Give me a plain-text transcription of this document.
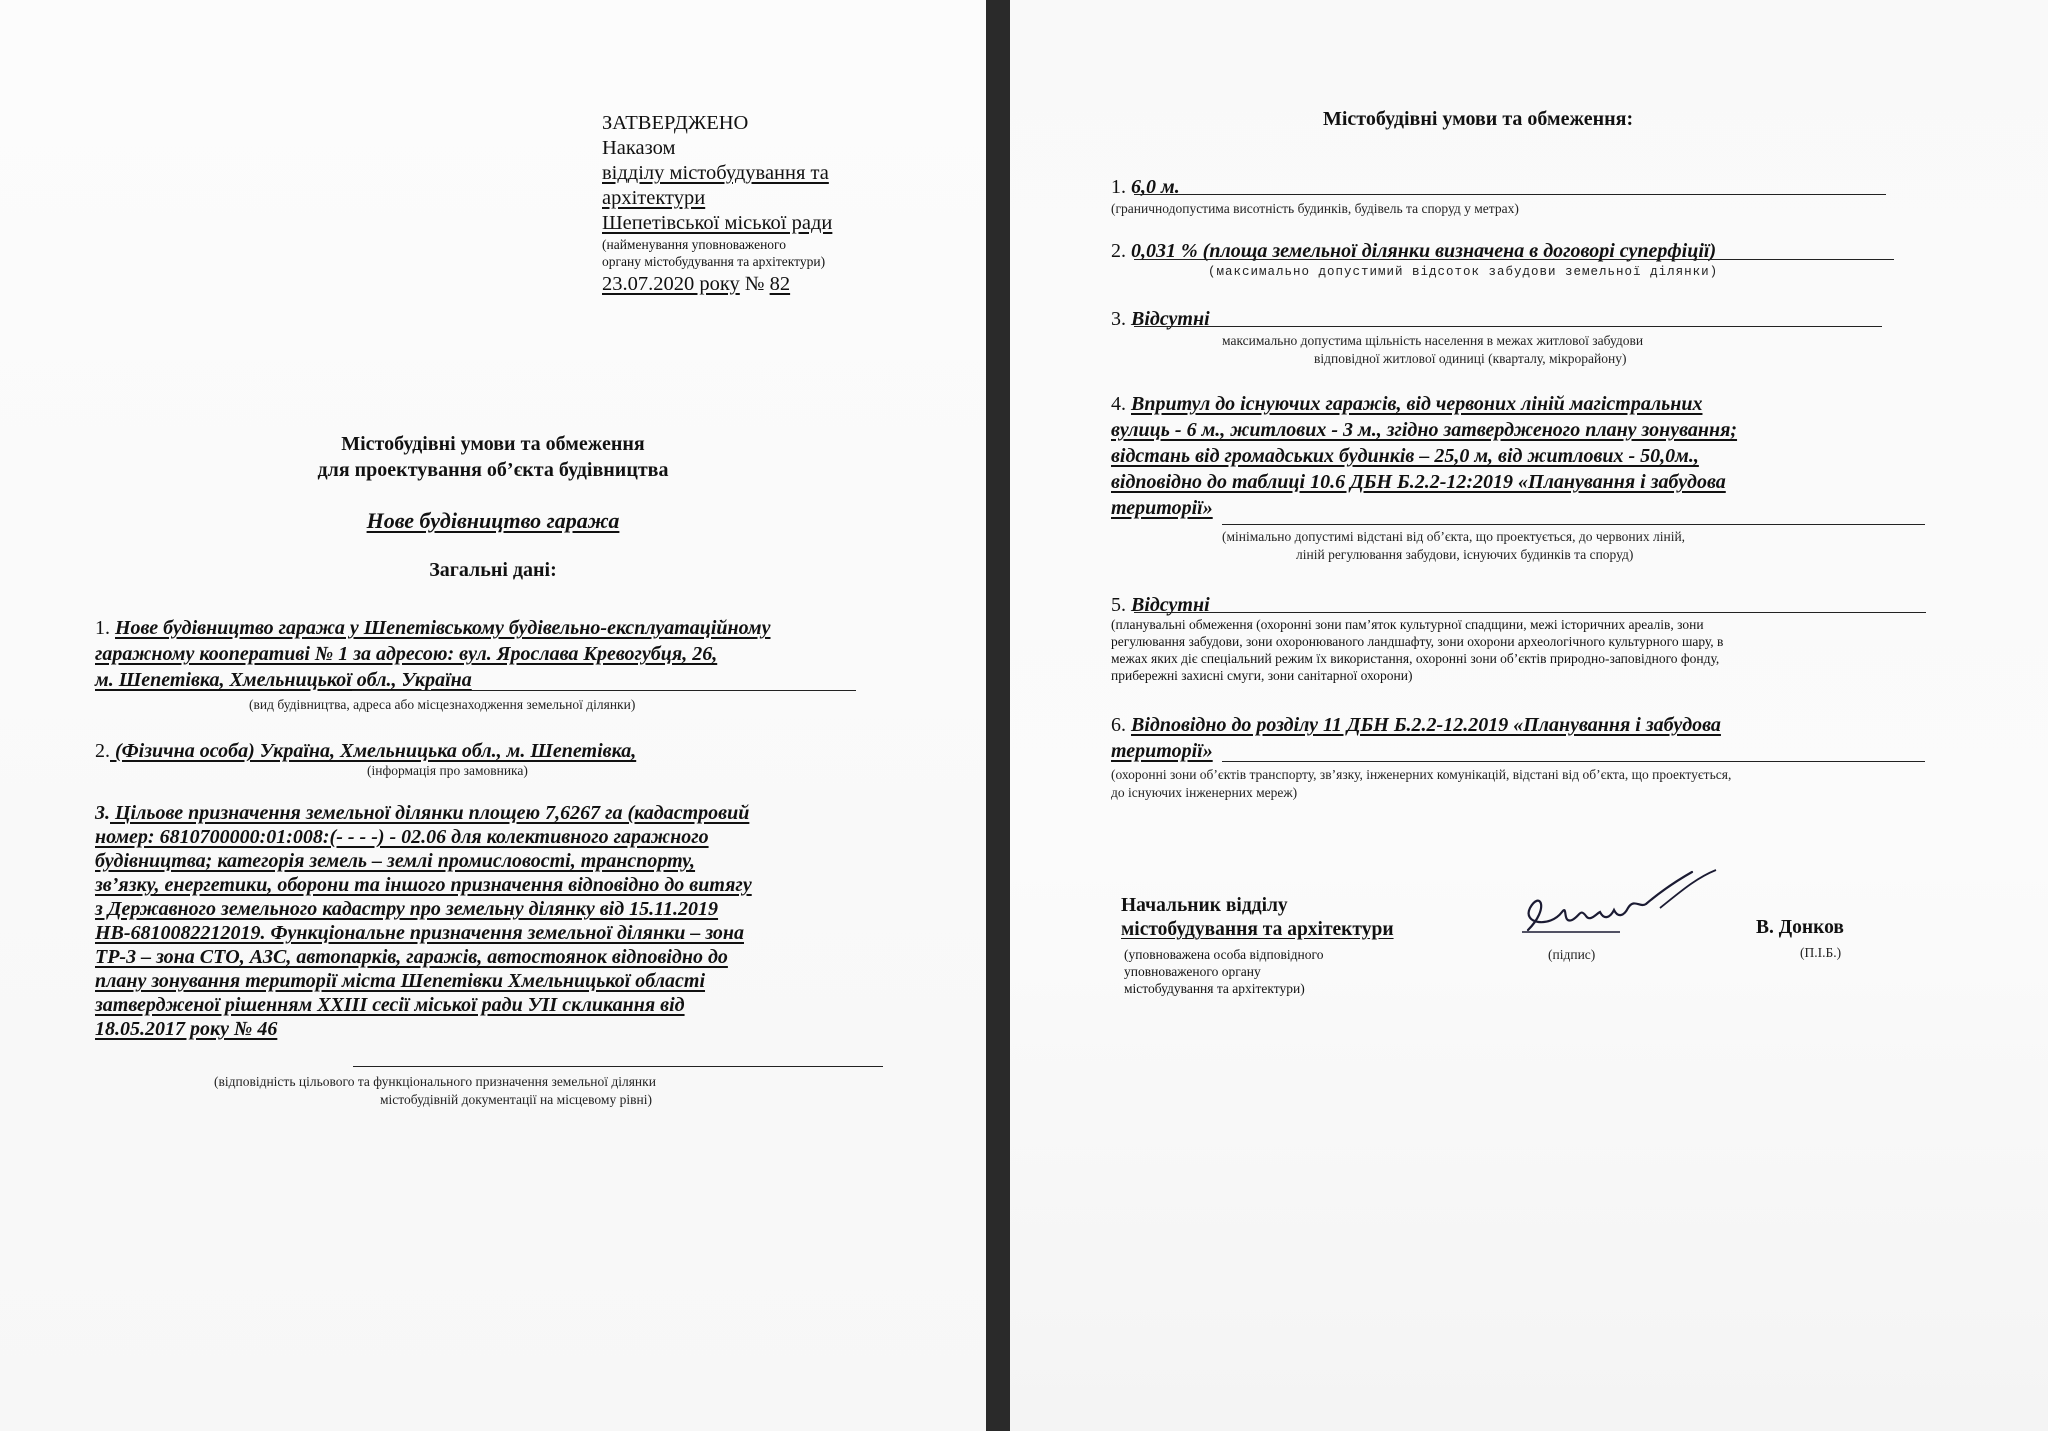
ЗАТВЕРДЖЕНО
Наказом
відділу містобудування та
архітектури
Шепетівської міської ради
(найменування уповноваженого
органу містобудування та архітектури)
23.07.2020 року № 82
Містобудівні умови та обмеження
для проектування об’єкта будівництва
Нове будівництво гаража
Загальні дані:
1. Нове будівництво гаража у Шепетівському будівельно-експлуатаційному
гаражному кооперативі № 1 за адресою: вул. Ярослава Кревогубця, 26,
м. Шепетівка, Хмельницької обл., Україна
(вид будівництва, адреса або місцезнаходження земельної ділянки)
2. (Фізична особа) Україна, Хмельницька обл., м. Шепетівка,
(інформація про замовника)
3. Цільове призначення земельної ділянки площею 7,6267 га (кадастровий
номер: 6810700000:01:008:(- - - -) - 02.06 для колективного гаражного
будівництва; категорія земель – землі промисловості, транспорту,
зв’язку, енергетики, оборони та іншого призначення відповідно до витягу
з Державного земельного кадастру про земельну ділянку від 15.11.2019
НВ-6810082212019. Функціональне призначення земельної ділянки – зона
ТР-3 – зона СТО, АЗС, автопарків, гаражів, автостоянок відповідно до
плану зонування території міста Шепетівки Хмельницької області
затвердженої рішенням ХХIII сесії міської ради УII скликання від
18.05.2017 року № 46
(відповідність цільового та функціонального призначення земельної ділянки
містобудівній документації на місцевому рівні)
Містобудівні умови та обмеження:
1. 6,0 м.
(граничнодопустима висотність будинків, будівель та споруд у метрах)
2. 0,031 % (площа земельної ділянки визначена в договорі суперфіції)
(максимально допустимий відсоток забудови земельної ділянки)
3. Відсутні
максимально допустима щільність населення в межах житлової забудови
відповідної житлової одиниці (кварталу, мікрорайону)
4. Впритул до існуючих гаражів, від червоних ліній магістральних
вулиць - 6 м., житлових - 3 м., згідно затвердженого плану зонування;
відстань від громадських будинків – 25,0 м, від житлових - 50,0м.,
відповідно до таблиці 10.6 ДБН Б.2.2-12:2019 «Планування і забудова
території»
(мінімально допустимі відстані від об’єкта, що проектується, до червоних ліній,
ліній регулювання забудови, існуючих будинків та споруд)
5. Відсутні
(планувальні обмеження (охоронні зони пам’яток культурної спадщини, межі історичних ареалів, зони
регулювання забудови, зони охоронюваного ландшафту, зони охорони археологічного культурного шару, в
межах яких діє спеціальний режим їх використання, охоронні зони об’єктів природно-заповідного фонду,
прибережні захисні смуги, зони санітарної охорони)
6. Відповідно до розділу 11 ДБН Б.2.2-12.2019 «Планування і забудова
території»
(охоронні зони об’єктів транспорту, зв’язку, інженерних комунікацій, відстані від об’єкта, що проектується,
до існуючих інженерних мереж)
Начальник відділу
містобудування та архітектури
(уповноважена особа відповідного
уповноваженого органу
містобудування та архітектури)
(підпис)
В. Донков
(П.І.Б.)
